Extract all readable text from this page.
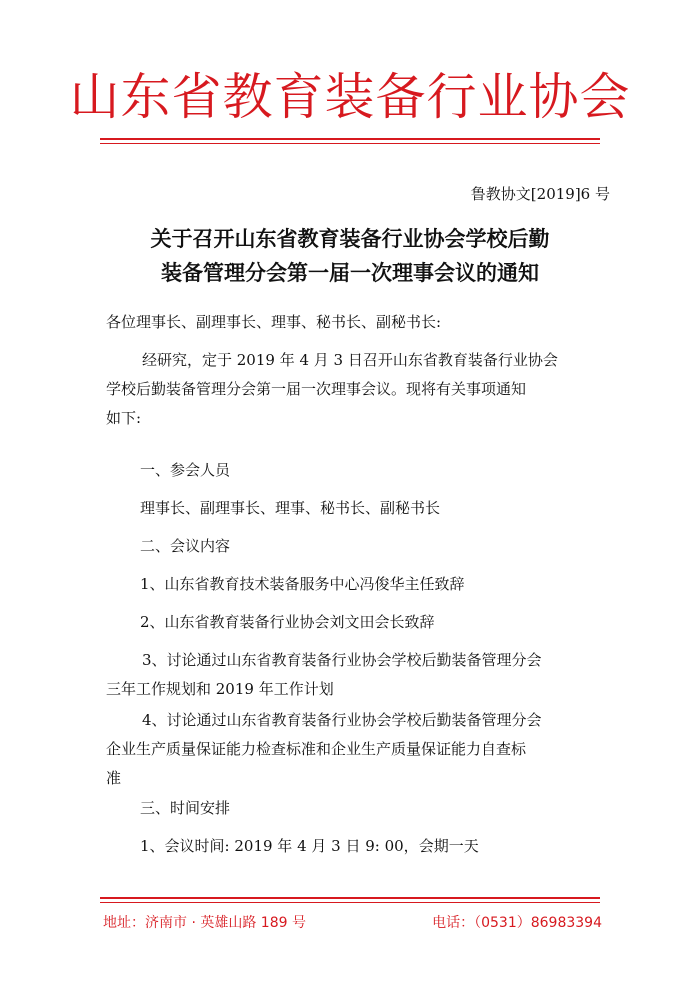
山东省教育装备行业协会
鲁教协文[2019]6 号
关于召开山东省教育装备行业协会学校后勤
装备管理分会第一届一次理事会议的通知
各位理事长、副理事长、理事、秘书长、副秘书长:
经研究，定于 2019 年 4 月 3 日召开山东省教育装备行业协会
学校后勤装备管理分会第一届一次理事会议。现将有关事项通知
如下:
一、参会人员
理事长、副理事长、理事、秘书长、副秘书长
二、会议内容
1、山东省教育技术装备服务中心冯俊华主任致辞
2、山东省教育装备行业协会刘文田会长致辞
3、讨论通过山东省教育装备行业协会学校后勤装备管理分会
三年工作规划和 2019 年工作计划
4、讨论通过山东省教育装备行业协会学校后勤装备管理分会
企业生产质量保证能力检查标准和企业生产质量保证能力自查标
准
三、时间安排
1、会议时间: 2019 年 4 月 3 日 9: 00，会期一天
地址：济南市 · 英雄山路 189 号	电话：（0531）86983394
